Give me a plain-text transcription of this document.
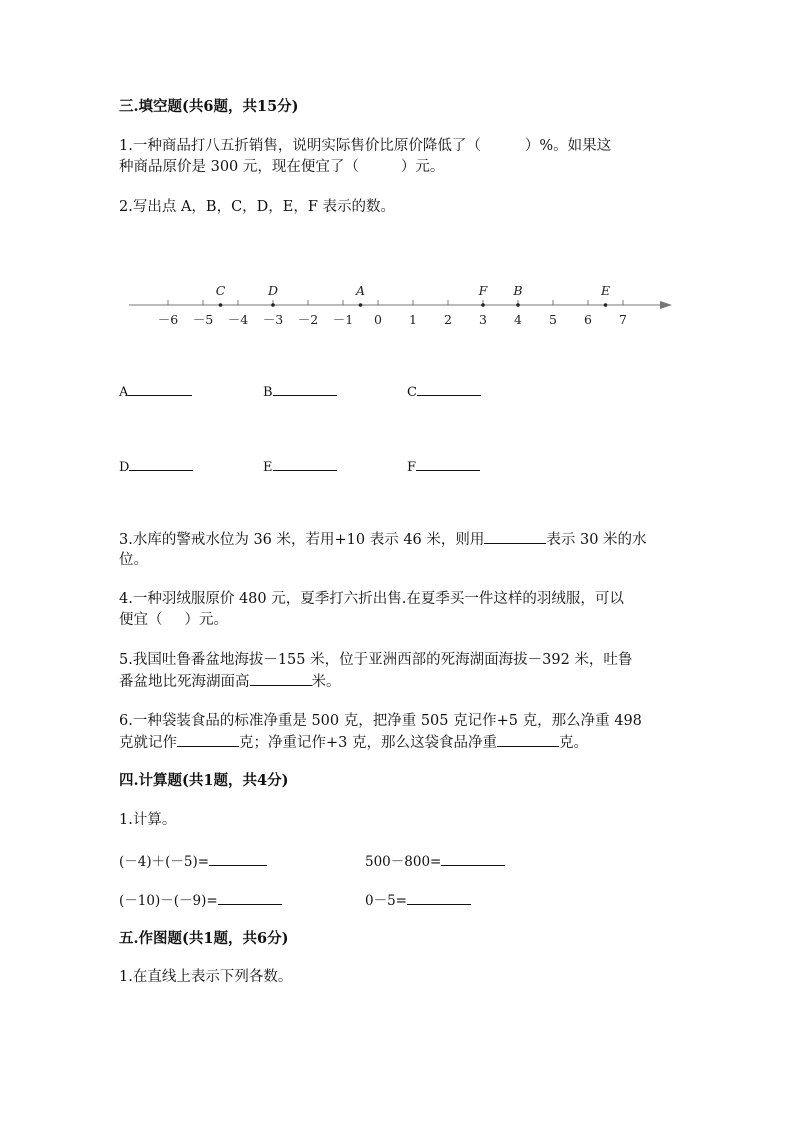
三.填空题(共6题，共15分)
1.一种商品打八五折销售，说明实际售价比原价降低了（	）%。如果这
种商品原价是 300 元，现在便宜了（	）元。
2.写出点 A，B，C，D，E，F 表示的数。
－6 －5 －4 －3 －2 －1 0 1 2 3 4 5 6 7
C	D	A	F B	E
A	B	C
D	E	F
3.水库的警戒水位为 36 米，若用+10 表示 46 米，则用	表示 30 米的水
位。
4.一种羽绒服原价 480 元，夏季打六折出售.在夏季买一件这样的羽绒服，可以
便宜（ ）元。
5.我国吐鲁番盆地海拔－155 米，位于亚洲西部的死海湖面海拔－392 米，吐鲁
番盆地比死海湖面高	米。
6.一种袋装食品的标准净重是 500 克，把净重 505 克记作+5 克，那么净重 498
克就记作	克；净重记作+3 克，那么这袋食品净重	克。
四.计算题(共1题，共4分)
1.计算。
(－4)＋(－5)=	500－800=
(－10)－(－9)=	0－5=
五.作图题(共1题，共6分)
1.在直线上表示下列各数。
